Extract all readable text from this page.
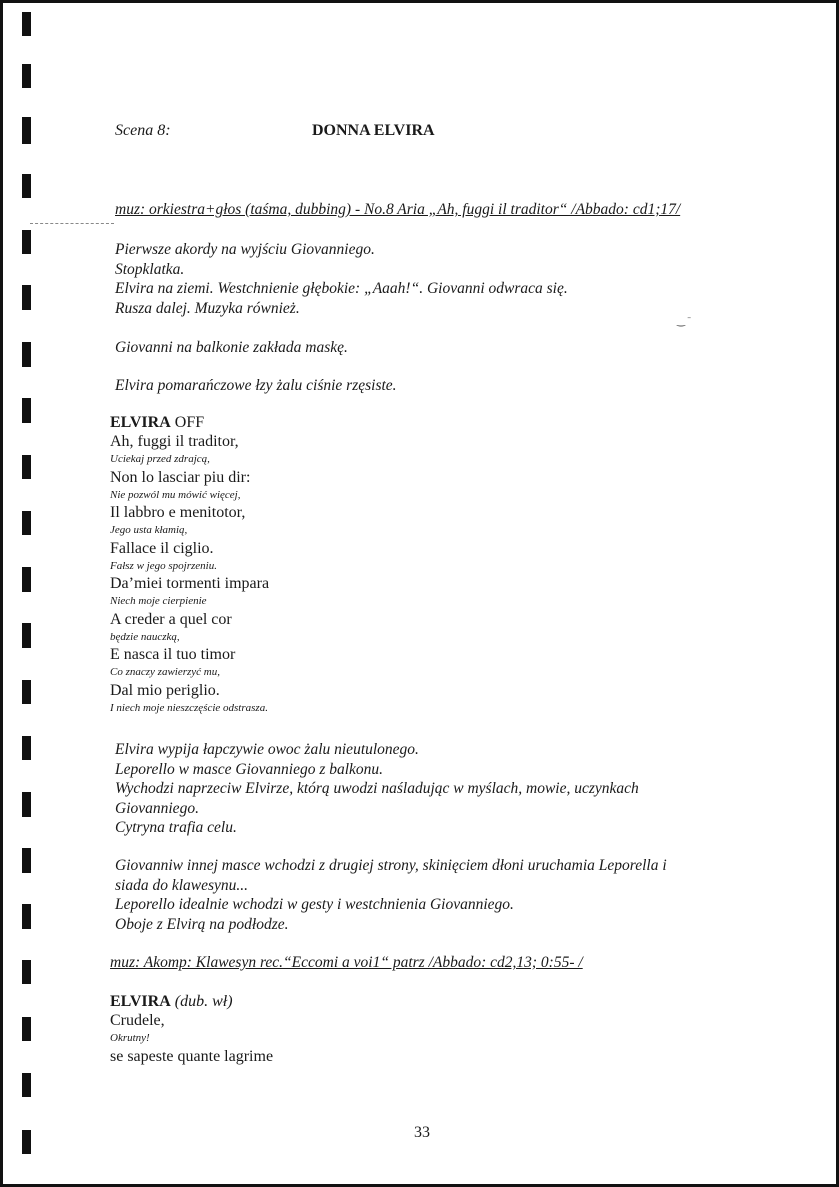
Scena 8:	DONNA ELVIRA
muz: orkiestra+głos (taśma, dubbing) - No.8 Aria „Ah, fuggi il traditor“ /Abbado: cd1;17/
Pierwsze akordy na wyjściu Giovanniego.
Stopklatka.
Elvira na ziemi. Westchnienie głębokie: „Aaah!“. Giovanni odwraca się.
Rusza dalej. Muzyka również.
‿ ˉ
Giovanni na balkonie zakłada maskę.
Elvira pomarańczowe łzy żalu ciśnie rzęsiste.
ELVIRA OFF
Ah, fuggi il traditor,
Uciekaj przed zdrajcą,
Non lo lasciar piu dir:
Nie pozwól mu mówić więcej,
Il labbro e menitotor,
Jego usta kłamią,
Fallace il ciglio.
Fałsz w jego spojrzeniu.
Da’miei tormenti impara
Niech moje cierpienie
A creder a quel cor
będzie nauczką,
E nasca il tuo timor
Co znaczy zawierzyć mu,
Dal mio periglio.
I niech moje nieszczęście odstrasza.
Elvira wypija łapczywie owoc żalu nieutulonego.
Leporello w masce Giovanniego z balkonu.
Wychodzi naprzeciw Elvirze, którą uwodzi naśladując w myślach, mowie, uczynkach
Giovanniego.
Cytryna trafia celu.
Giovanniw innej masce wchodzi z drugiej strony, skinięciem dłoni uruchamia Leporella i
siada do klawesynu...
Leporello idealnie wchodzi w gesty i westchnienia Giovanniego.
Oboje z Elvirą na podłodze.
muz: Akomp: Klawesyn rec.“Eccomi a voi1“ patrz /Abbado: cd2,13; 0:55- /
ELVIRA (dub. wł)
Crudele,
Okrutny!
se sapeste quante lagrime
33
